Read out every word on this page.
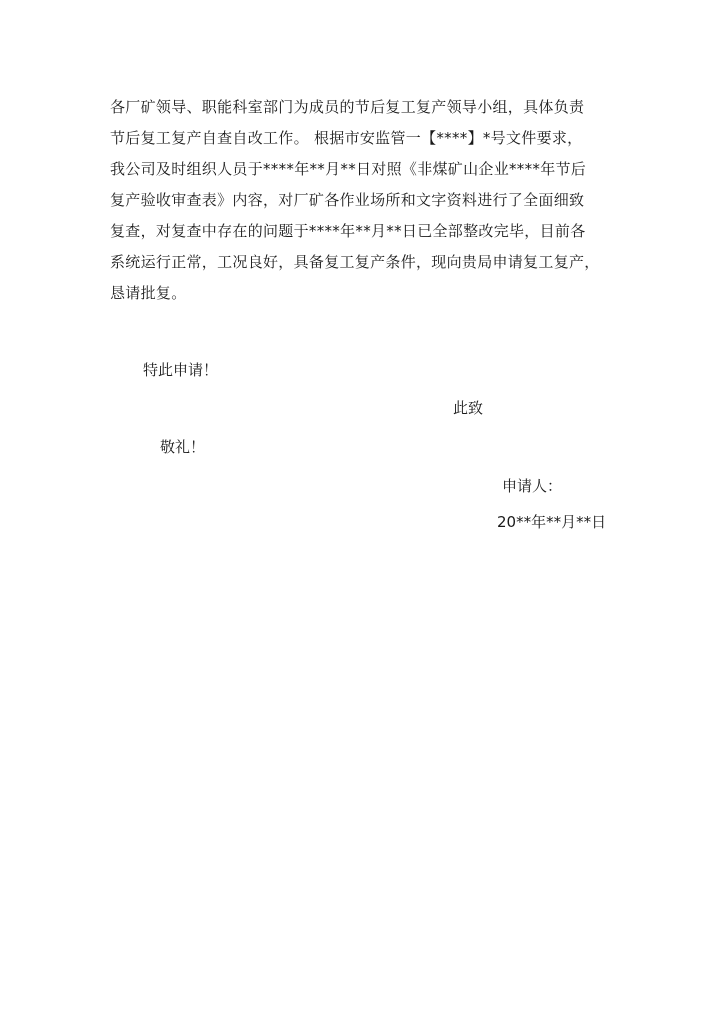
各厂矿领导、职能科室部门为成员的节后复工复产领导小组，具体负责
节后复工复产自查自改工作。 根据市安监管一【****】*号文件要求，
我公司及时组织人员于****年**月**日对照《非煤矿山企业****年节后
复产验收审查表》内容，对厂矿各作业场所和文字资料进行了全面细致
复查，对复查中存在的问题于****年**月**日已全部整改完毕，目前各
系统运行正常，工况良好，具备复工复产条件，现向贵局申请复工复产，
恳请批复。
特此申请！
此致
敬礼！
申请人：
20**年**月**日
